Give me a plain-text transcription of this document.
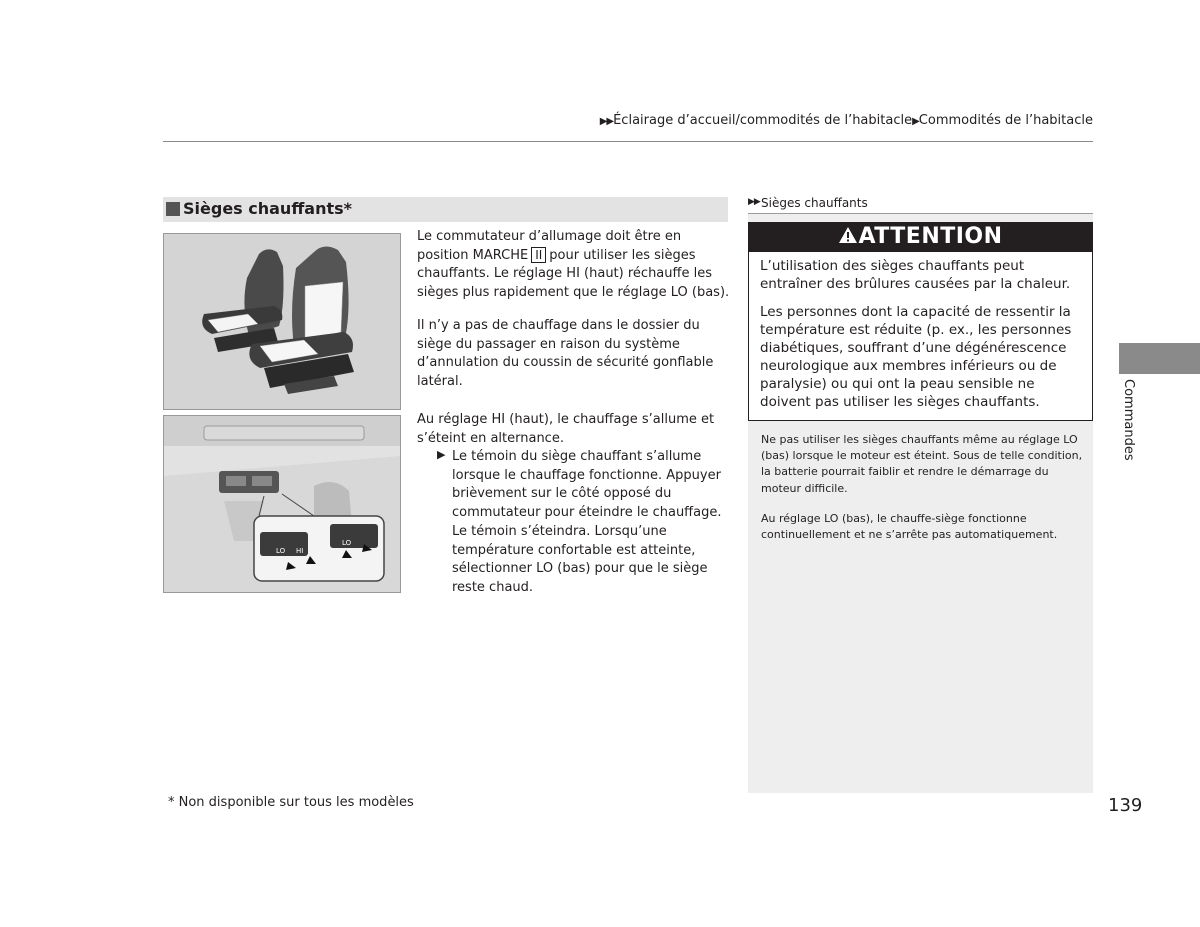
▶▶Éclairage d’accueil/commodités de l’habitacle▶Commodités de l’habitacle
Sièges chauffants*
LO HI
LO
Le commutateur d’allumage doit être en position MARCHE II pour utiliser les sièges chauffants. Le réglage HI (haut) réchauffe les sièges plus rapidement que le réglage LO (bas).
Il n’y a pas de chauffage dans le dossier du siège du passager en raison du système d’annulation du coussin de sécurité gonflable latéral.
Au réglage HI (haut), le chauffage s’allume et s’éteint en alternance.
▶ Le témoin du siège chauffant s’allume lorsque le chauffage fonctionne. Appuyer brièvement sur le côté opposé du commutateur pour éteindre le chauffage. Le témoin s’éteindra. Lorsqu’une température confortable est atteinte, sélectionner LO (bas) pour que le siège reste chaud.
▶▶ Sièges chauffants
ATTENTION
L’utilisation des sièges chauffants peut entraîner des brûlures causées par la chaleur.
Les personnes dont la capacité de ressentir la température est réduite (p. ex., les personnes diabétiques, souffrant d’une dégénérescence neurologique aux membres inférieurs ou de paralysie) ou qui ont la peau sensible ne doivent pas utiliser les sièges chauffants.
Ne pas utiliser les sièges chauffants même au réglage LO (bas) lorsque le moteur est éteint. Sous de telle condition, la batterie pourrait faiblir et rendre le démarrage du moteur difficile.
Au réglage LO (bas), le chauffe-siège fonctionne continuellement et ne s’arrête pas automatiquement.
Commandes
* Non disponible sur tous les modèles	139
